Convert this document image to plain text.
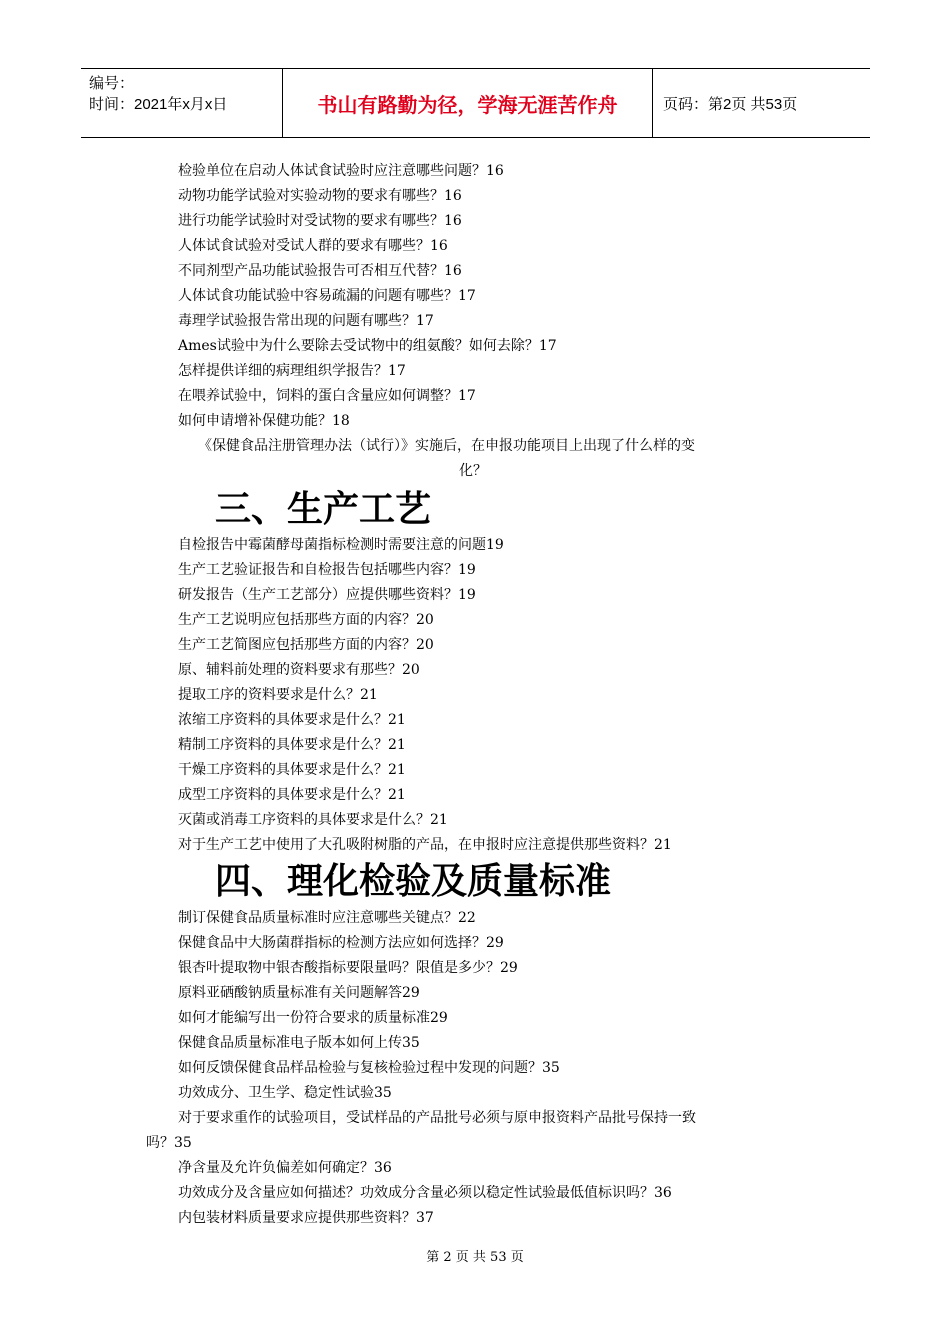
编号：
时间：2021年x月x日	书山有路勤为径，学海无涯苦作舟	页码：第2页 共53页
检验单位在启动人体试食试验时应注意哪些问题？16
动物功能学试验对实验动物的要求有哪些？16
进行功能学试验时对受试物的要求有哪些？16
人体试食试验对受试人群的要求有哪些？16
不同剂型产品功能试验报告可否相互代替？16
人体试食功能试验中容易疏漏的问题有哪些？17
毒理学试验报告常出现的问题有哪些？17
Ames试验中为什么要除去受试物中的组氨酸？如何去除？17
怎样提供详细的病理组织学报告？17
在喂养试验中，饲料的蛋白含量应如何调整？17
如何申请增补保健功能？18
《保健食品注册管理办法（试行）》实施后，在申报功能项目上出现了什么样的变
化？
三、生产工艺
自检报告中霉菌酵母菌指标检测时需要注意的问题19
生产工艺验证报告和自检报告包括哪些内容？19
研发报告（生产工艺部分）应提供哪些资料？19
生产工艺说明应包括那些方面的内容？20
生产工艺简图应包括那些方面的内容？20
原、辅料前处理的资料要求有那些？20
提取工序的资料要求是什么？21
浓缩工序资料的具体要求是什么？21
精制工序资料的具体要求是什么？21
干燥工序资料的具体要求是什么？21
成型工序资料的具体要求是什么？21
灭菌或消毒工序资料的具体要求是什么？21
对于生产工艺中使用了大孔吸附树脂的产品，在申报时应注意提供那些资料？21
四、理化检验及质量标准
制订保健食品质量标准时应注意哪些关键点？22
保健食品中大肠菌群指标的检测方法应如何选择？29
银杏叶提取物中银杏酸指标要限量吗？限值是多少？29
原料亚硒酸钠质量标准有关问题解答29
如何才能编写出一份符合要求的质量标准29
保健食品质量标准电子版本如何上传35
如何反馈保健食品样品检验与复核检验过程中发现的问题？35
功效成分、卫生学、稳定性试验35
对于要求重作的试验项目，受试样品的产品批号必须与原申报资料产品批号保持一致
吗？35
净含量及允许负偏差如何确定？36
功效成分及含量应如何描述？功效成分含量必须以稳定性试验最低值标识吗？36
内包装材料质量要求应提供那些资料？37
第 2 页 共 53 页
